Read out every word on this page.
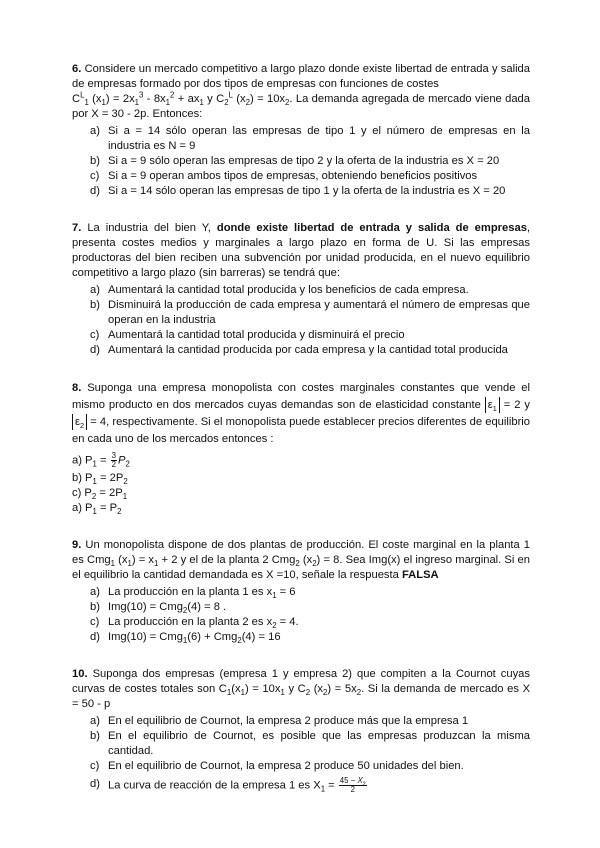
6. Considere un mercado competitivo a largo plazo donde existe libertad de entrada y salida de empresas formado por dos tipos de empresas con funciones de costes

$C^L_1$ $(x_1) = 2x_1^3 - 8x_1^2 + ax_1$ y $C_2^L$ $(x_2) = 10x_2$. La demanda agregada de mercado viene dada por X = 30 - 2p. Entonces:

a) Si a = 14 sólo operan las empresas de tipo 1 y el número de empresas en la industria es N = 9
b) Si a = 9 sólo operan las empresas de tipo 2 y la oferta de la industria es X = 20
c) Si a = 9 operan ambos tipos de empresas, obteniendo beneficios positivos
d) Si a = 14 sólo operan las empresas de tipo 1 y la oferta de la industria es X = 20

7. La industria del bien Y, donde existe libertad de entrada y salida de empresas, presenta costes medios y marginales a largo plazo en forma de U. Si las empresas productoras del bien reciben una subvención por unidad producida, en el nuevo equilibrio competitivo a largo plazo (sin barreras) se tendrá que:

a) Aumentará la cantidad total producida y los beneficios de cada empresa.
b) Disminuirá la producción de cada empresa y aumentará el número de empresas que operan en la industria
c) Aumentará la cantidad total producida y disminuirá el precio
d) Aumentará la cantidad producida por cada empresa y la cantidad total producida

8. Suponga una empresa monopolista con costes marginales constantes que vende el mismo producto en dos mercados cuyas demandas son de elasticidad constante $\varepsilon_1 = 2$ y $\varepsilon_2 = 4$, respectivamente. Si el monopolista puede establecer precios diferentes de equilibrio en cada uno de los mercados entonces :

a) $P_1 = \frac{3}{2} P_2$

b) $P_1 = 2P_2$

c) $P_2 = 2P_1$

a) $P_1 = P_2$

9. Un monopolista dispone de dos plantas de producción. El coste marginal en la planta 1 es Cmg$_1$ $(x_1) = x_1 + 2$ y el de la planta 2 Cmg$_2$ $(x_2) = 8$. Sea Img(x) el ingreso marginal. Si en el equilibrio la cantidad demandada es X =10, señale la respuesta FALSA

a) La producción en la planta 1 es $x_1 = 6$
b) Img(10) = Cmg$_2$(4) = 8 .
c) La producción en la planta 2 es $x_2 = 4$.
d) Img(10) = Cmg$_1$(6) + Cmg$_2$(4) = 16

10. Suponga dos empresas (empresa 1 y empresa 2) que compiten a la Cournot cuyas curvas de costes totales son $C_1(x_1) = 10x_1$ y $C_2$ $(x_2) = 5x_2$. Si la demanda de mercado es X = 50 - p

a) En el equilibrio de Cournot, la empresa 2 produce más que la empresa 1
b) En el equilibrio de Cournot, es posible que las empresas produzcan la misma cantidad.
c) En el equilibrio de Cournot, la empresa 2 produce 50 unidades del bien.
d) La curva de reacción de la empresa 1 es $X_1 = \frac{45 - X_2}{2}$
